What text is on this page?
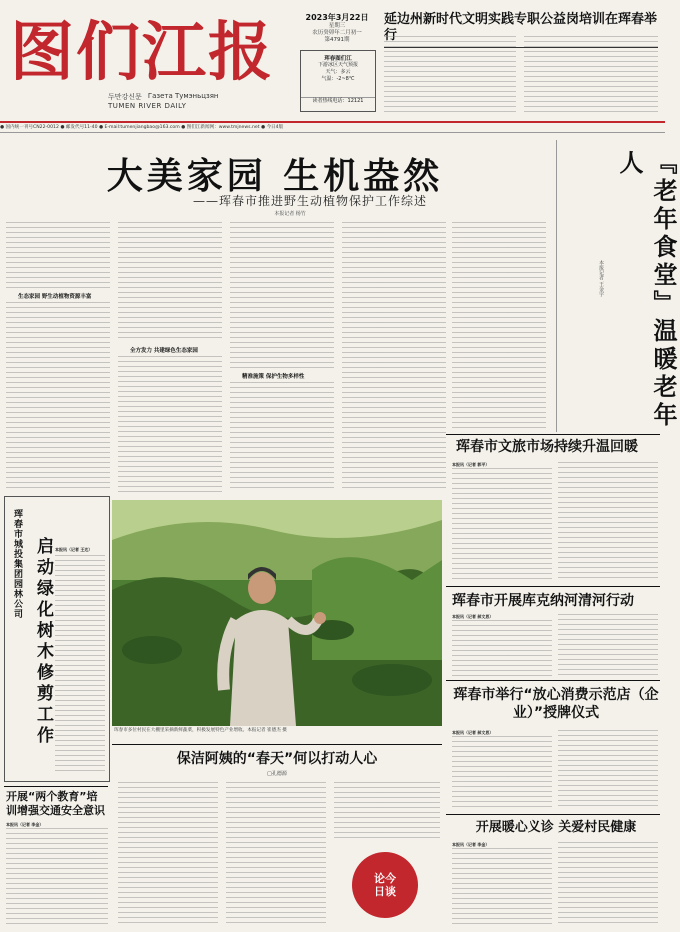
图们江报
두만강신문 Газета Тумэньцзян
TUMEN RIVER DAILY
2023年3月22日
星期三
农历癸卯年二月初一
第4791期
珲春图们江
下游冰区天气预报
天气：多云
气温：-2~8℃
读者热线电话：12121
延边州新时代文明实践专职公益岗培训在珲春举行
● 国内统一刊号CN22-0012 ● 邮发代号11-40 ● E-mail:tumenjiangbao@163.com ● 图们江新闻网：www.tmjnews.net ● 今日4版
大美家园 生机盎然
——珲春市推进野生动植物保护工作综述
本报记者 杨竹
生态家园 野生动植物资源丰富
全方发力 共建绿色生态家园
精准施策 保护生物多样性	『老年食堂』温暖老年人
本报记者 王金宇
珲春市文旅市场持续升温回暖
本报讯（记者 郭平）
珲春市城投集团园林公司 启动绿化树木修剪工作 本报讯（记者 王达）
珲春市多位村民在大棚里采摘新鲜蔬菜，积极发展特色产业增收。本报记者 崔德杰 摄
珲春市开展库克纳河清河行动
本报讯（记者 郝文思）
珲春市举行“放心消费示范店（企业）”授牌仪式
本报讯（记者 郝文思）
开展“两个教育”培训增强交通安全意识
本报讯（记者 李金）
保洁阿姨的“春天”何以打动人心
□孔德源
论今日谈
开展暖心义诊 关爱村民健康
本报讯（记者 李金）
